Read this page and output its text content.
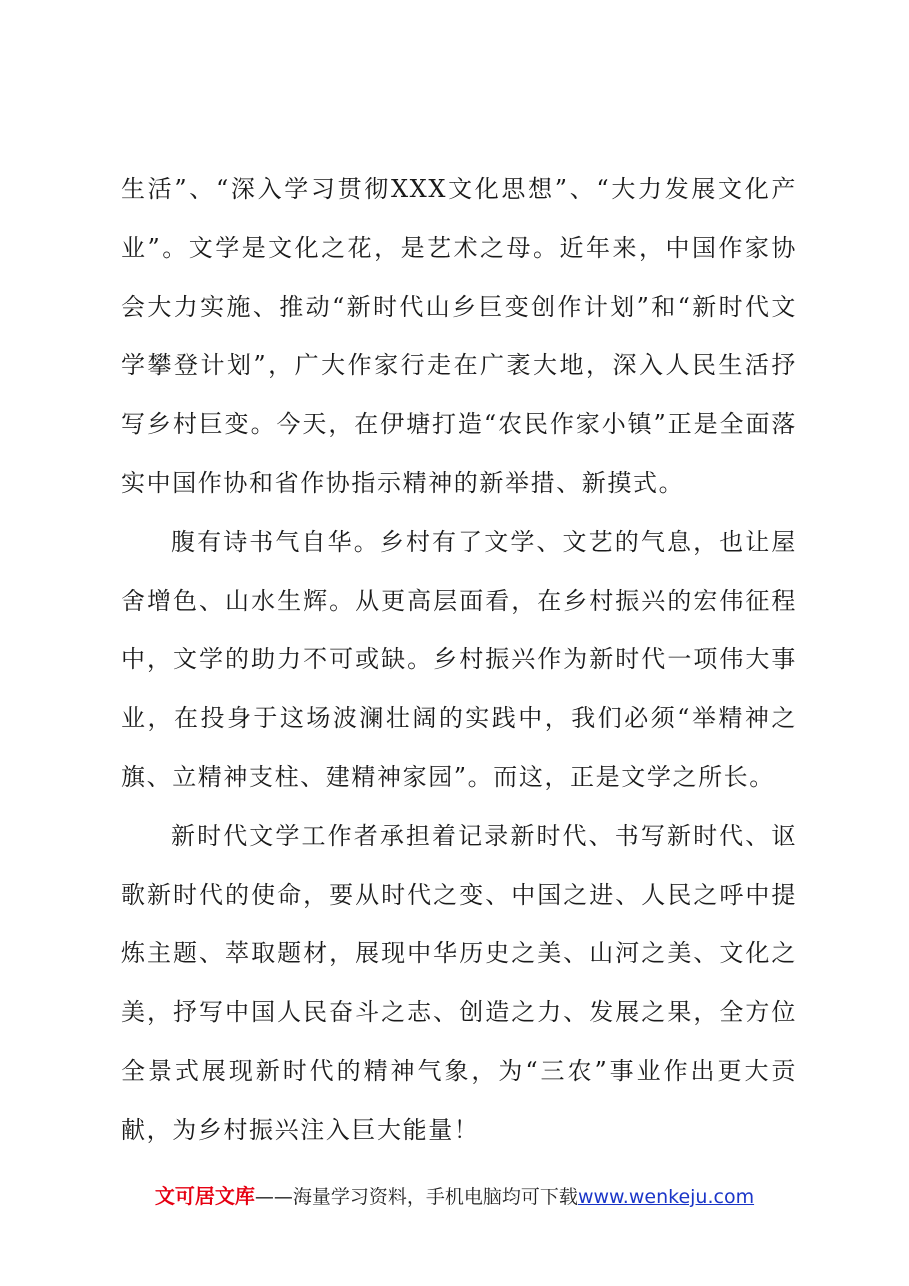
生活”、“深入学习贯彻XXX文化思想”、“大力发展文化产业”。文学是文化之花，是艺术之母。近年来，中国作家协会大力实施、推动“新时代山乡巨变创作计划”和“新时代文学攀登计划”，广大作家行走在广袤大地，深入人民生活抒写乡村巨变。今天，在伊塘打造“农民作家小镇”正是全面落实中国作协和省作协指示精神的新举措、新摸式。

腹有诗书气自华。乡村有了文学、文艺的气息，也让屋舍增色、山水生辉。从更高层面看，在乡村振兴的宏伟征程中，文学的助力不可或缺。乡村振兴作为新时代一项伟大事业，在投身于这场波澜壮阔的实践中，我们必须“举精神之旗、立精神支柱、建精神家园”。而这，正是文学之所长。

新时代文学工作者承担着记录新时代、书写新时代、讴歌新时代的使命，要从时代之变、中国之进、人民之呼中提炼主题、萃取题材，展现中华历史之美、山河之美、文化之美，抒写中国人民奋斗之志、创造之力、发展之果，全方位全景式展现新时代的精神气象，为“三农”事业作出更大贡献，为乡村振兴注入巨大能量！

文可居文库——海量学习资料，手机电脑均可下载www.wenkeju.com
